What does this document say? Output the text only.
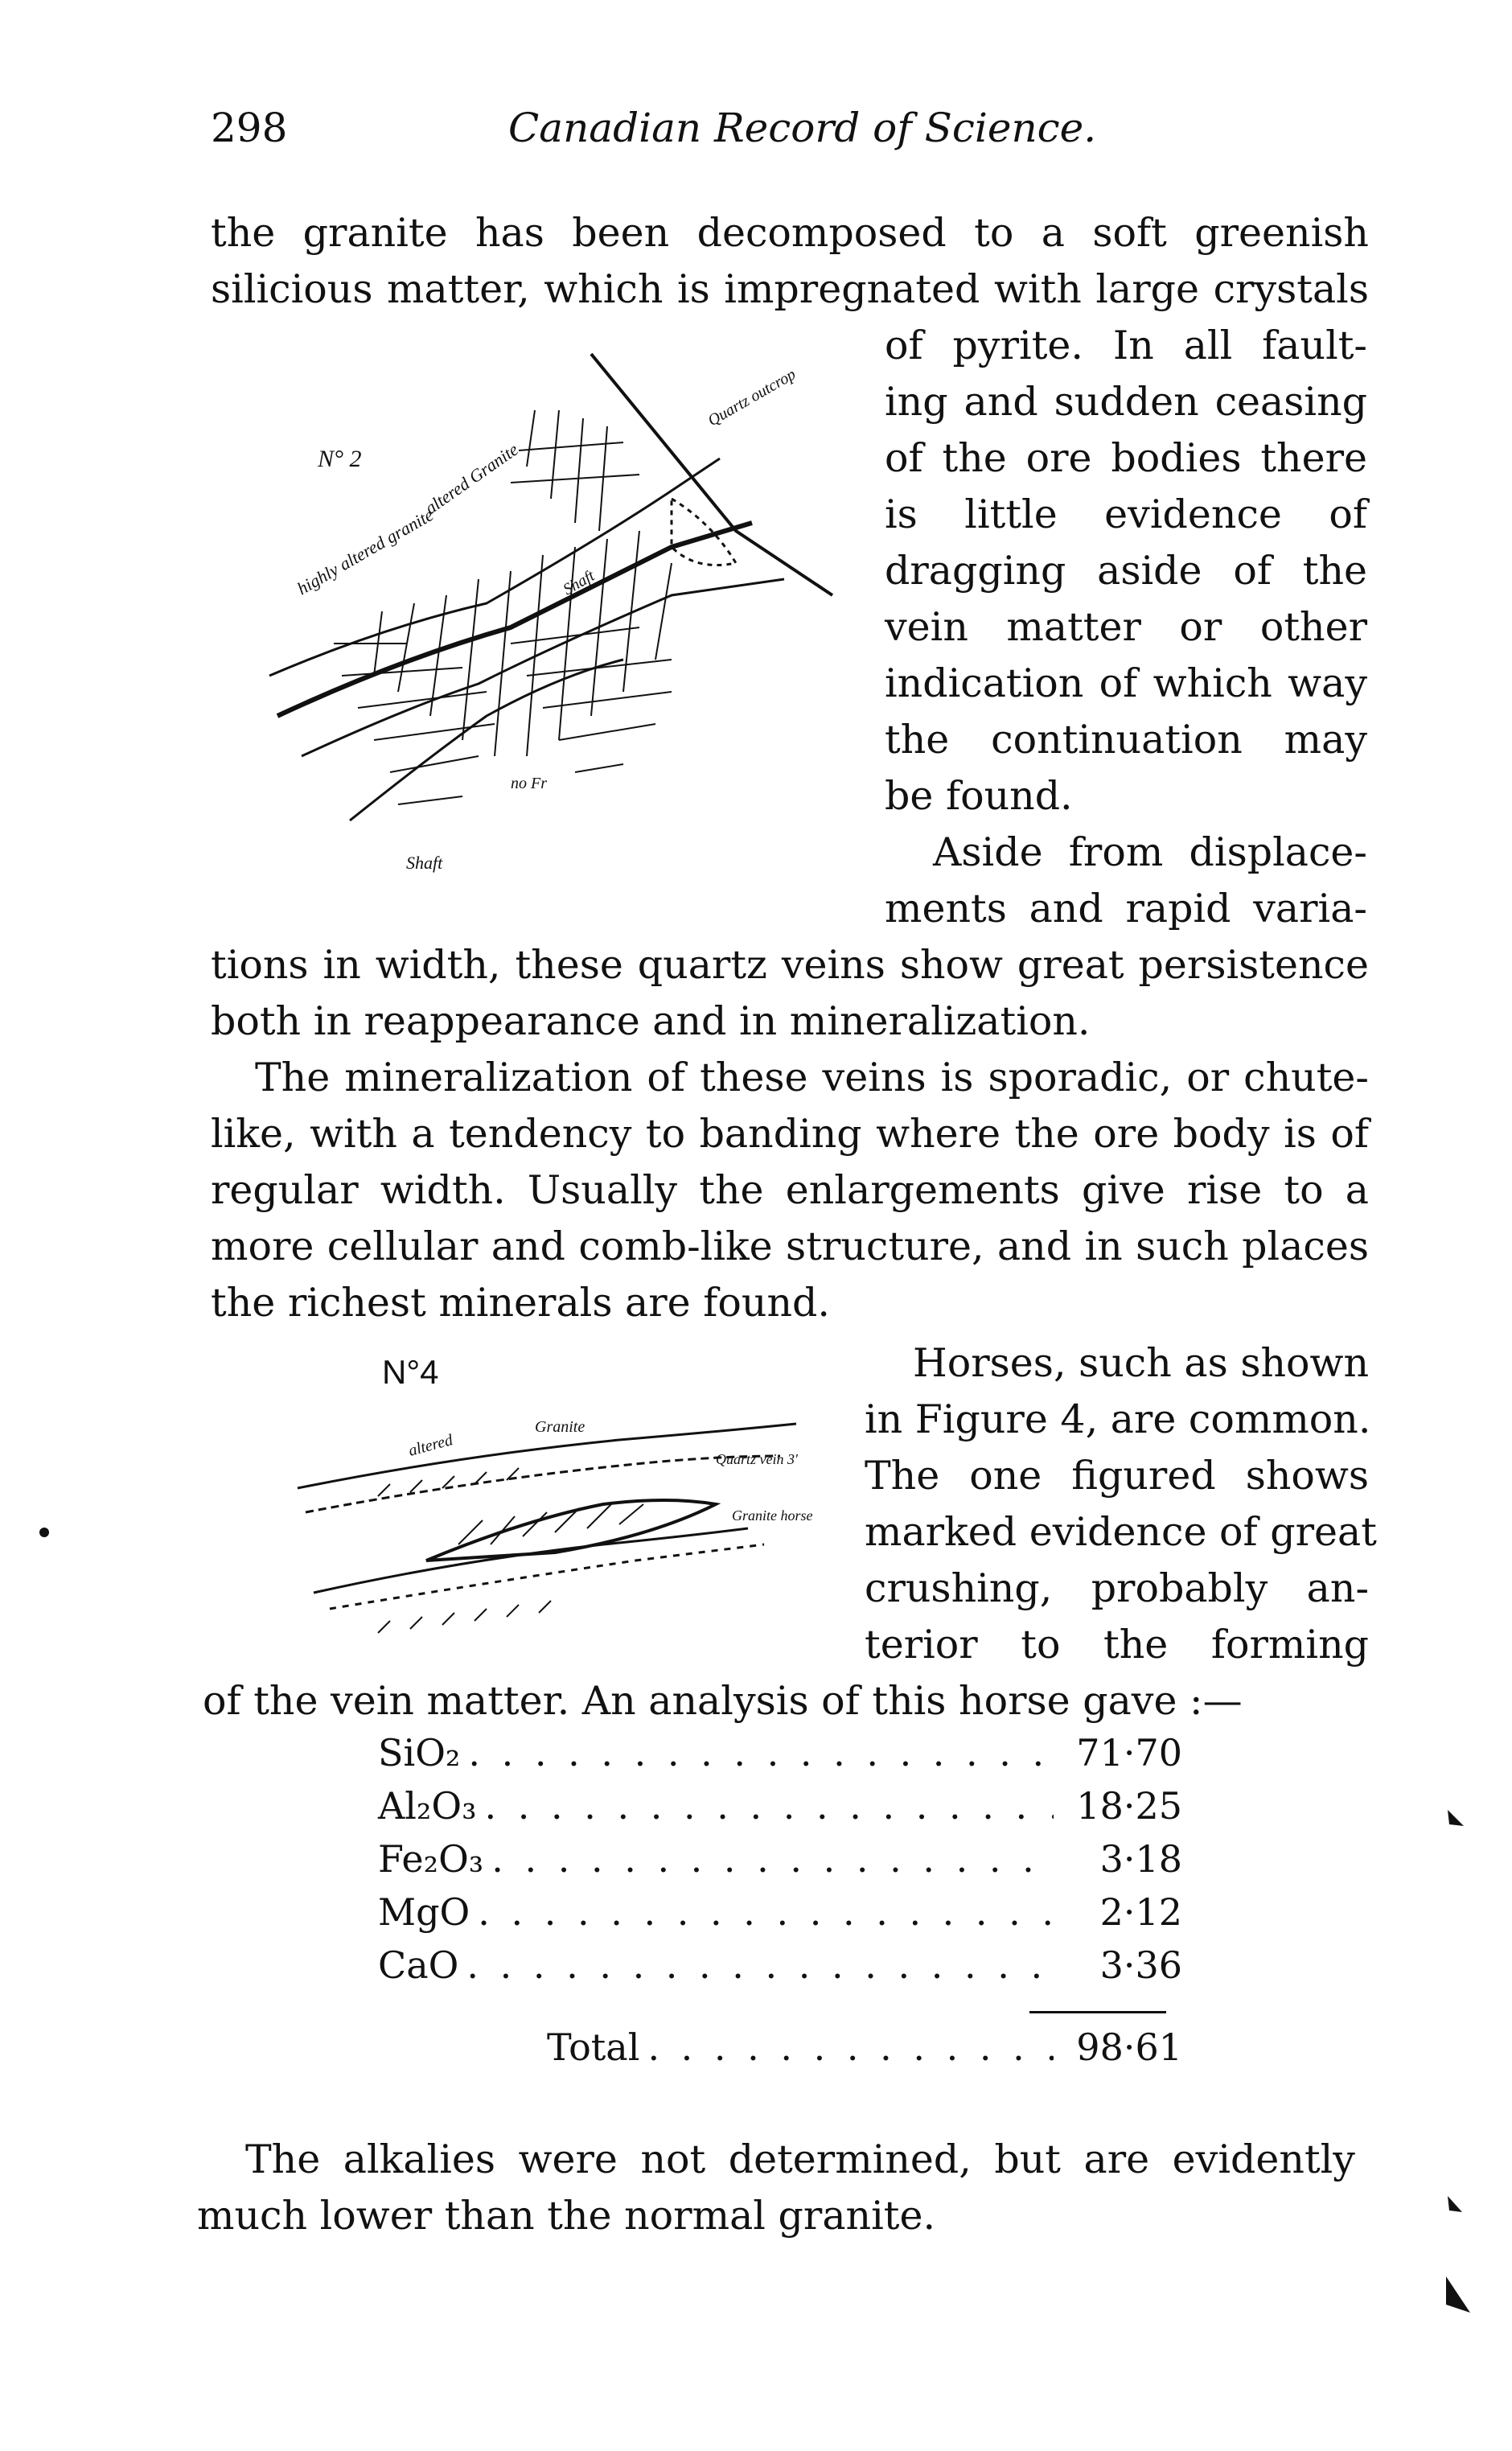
298	Canadian Record of Science.
the granite has been decomposed to a soft greenish
silicious matter, which is impregnated with large crystals
N° 2	altered Granite
Quartz outcrop
highly altered granite
Shaft
Shaft
no Fr
of pyrite. In all fault-
ing and sudden ceasing
of the ore bodies there
is little evidence of
dragging aside of the
vein matter or other
indication of which way
the continuation may
be found.
Aside from displace-
ments and rapid varia-
tions in width, these quartz veins show great persistence
both in reappearance and in mineralization.
The mineralization of these veins is sporadic, or chute-
like, with a tendency to banding where the ore body is of
regular width. Usually the enlargements give rise to a
more cellular and comb-like structure, and in such places
the richest minerals are found.
N°4
altered
Granite
Quartz vein 3'
Granite horse
Horses, such as shown
in Figure 4, are common.
The one figured shows
marked evidence of great
crushing, probably an-
terior to the forming
of the vein matter. An analysis of this horse gave :—
SiO₂ . . .	71·70
Al₂O₃ . . .	18·25
Fe₂O₃ . . .	3·18
MgO . . .	2·12
CaO . . .	3·36
Total . . .	98·61
The alkalies were not determined, but are evidently
much lower than the normal granite.
